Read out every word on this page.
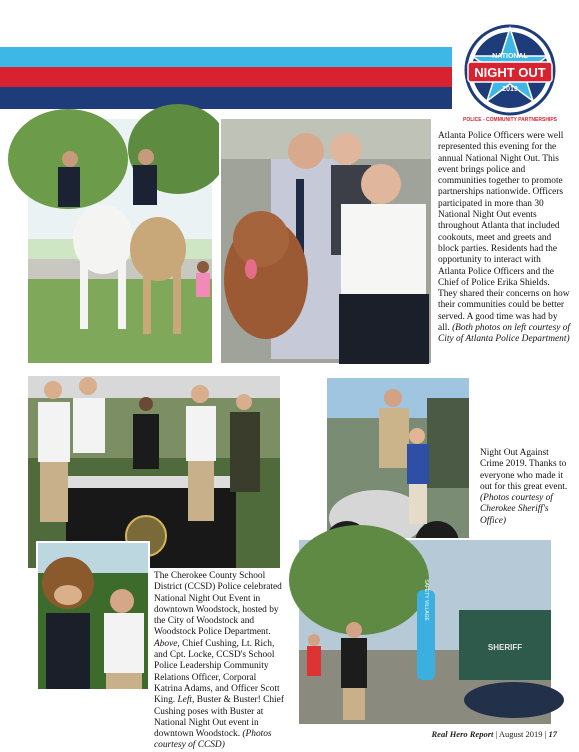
NATIONAL
NIGHT OUT
2019
POLICE - COMMUNITY PARTNERSHIPS
Atlanta Police Officers were well represented this evening for the annual National Night Out. This event brings police and communities together to promote partnerships nationwide. Officers participated in more than 30 National Night Out events throughout Atlanta that included cookouts, meet and greets and block parties. Residents had the opportunity to interact with Atlanta Police Officers and the Chief of Police Erika Shields. They shared their concerns on how their communities could be better served. A good time was had by all. (Both photos on left courtesy of City of Atlanta Police Department)
The Cherokee County School District (CCSD) Police celebrated National Night Out Event in downtown Woodstock, hosted by the City of Woodstock and Woodstock Police Department. Above, Chief Cushing, Lt. Rich, and Cpt. Locke, CCSD's School Police Leadership Community Relations Officer, Corporal Katrina Adams, and Officer Scott King. Left, Buster & Buster! Chief Cushing poses with Buster at National Night Out event in downtown Woodstock. (Photos courtesy of CCSD)
Night Out Against Crime 2019. Thanks to everyone who made it out for this great event. (Photos courtesy of Cherokee Sheriff's Office)
SAFETY VILLAGE
SHERIFF
Real Hero Report | August 2019 | 17
